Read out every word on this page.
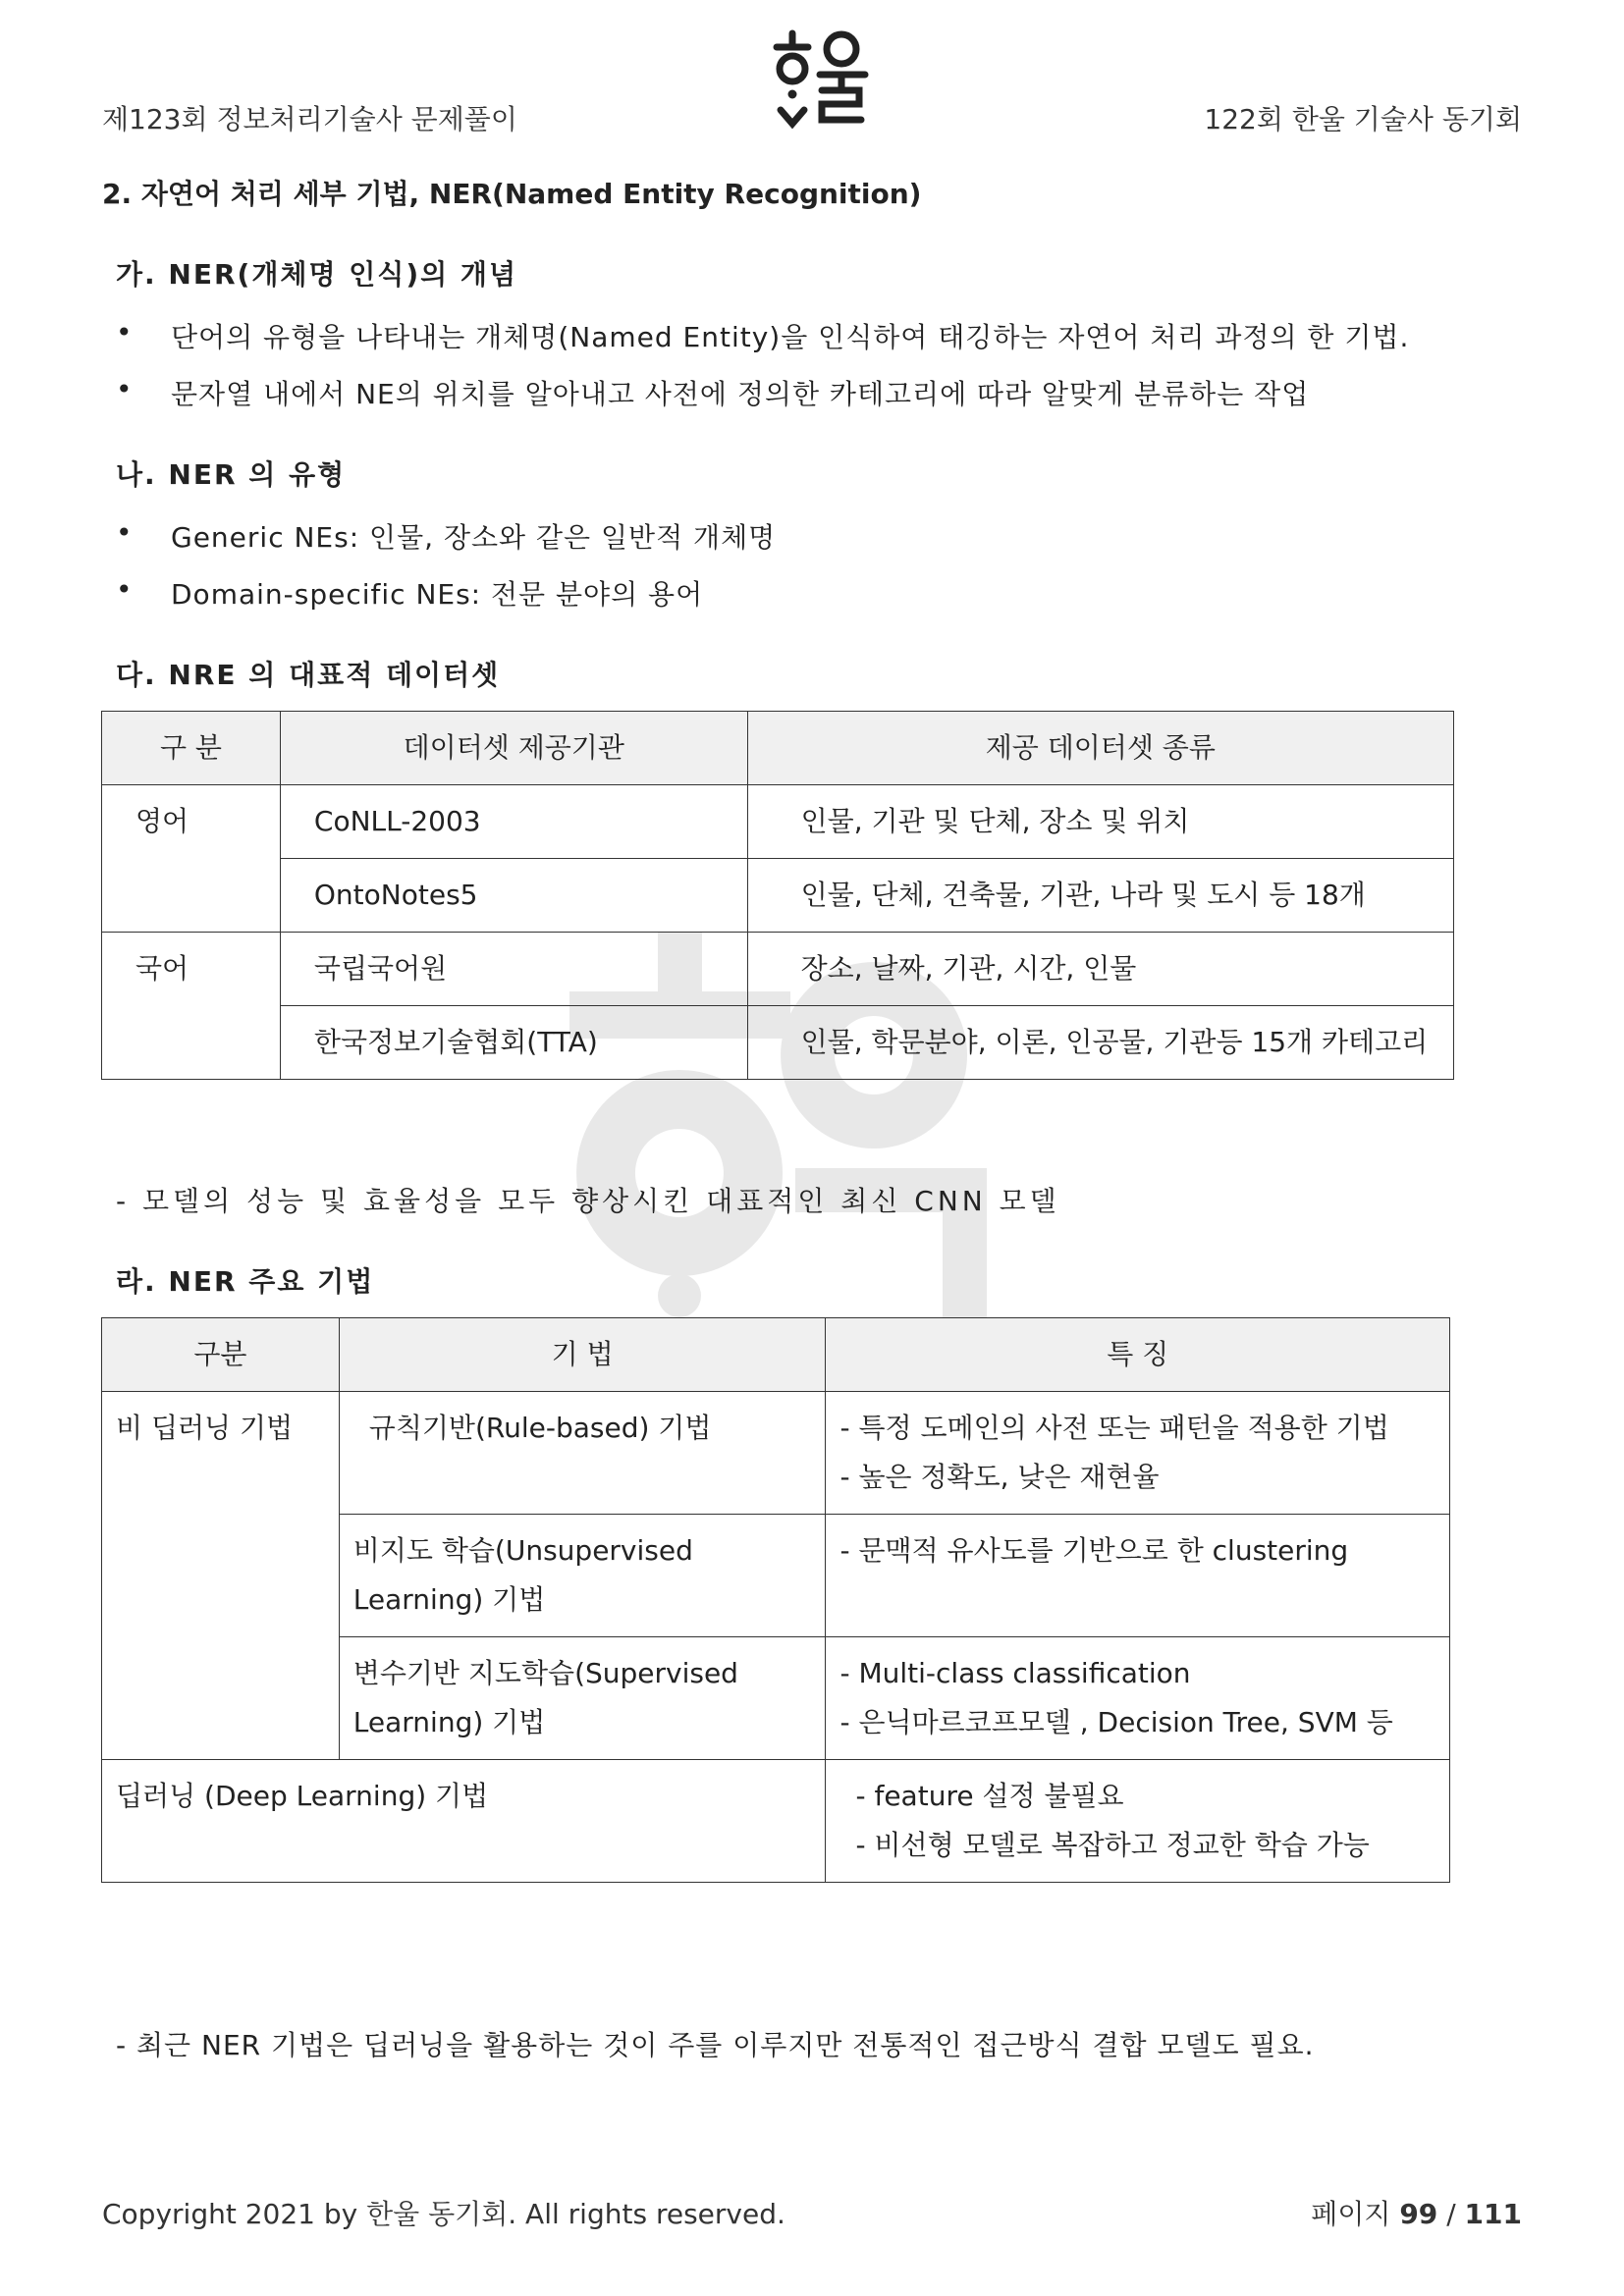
제123회 정보처리기술사 문제풀이	122회 한울 기술사 동기회
2. 자연어 처리 세부 기법, NER(Named Entity Recognition)
가. NER(개체명 인식)의 개념
• 단어의 유형을 나타내는 개체명(Named Entity)을 인식하여 태깅하는 자연어 처리 과정의 한 기법.
• 문자열 내에서 NE의 위치를 알아내고 사전에 정의한 카테고리에 따라 알맞게 분류하는 작업
나. NER 의 유형
• Generic NEs: 인물, 장소와 같은 일반적 개체명
• Domain-specific NEs: 전문 분야의 용어
다. NRE 의 대표적 데이터셋
구 분	데이터셋 제공기관	제공 데이터셋 종류
영어	CoNLL-2003	인물, 기관 및 단체, 장소 및 위치
	OntoNotes5	인물, 단체, 건축물, 기관, 나라 및 도시 등 18개
국어	국립국어원	장소, 날짜, 기관, 시간, 인물
	한국정보기술협회(TTA)	인물, 학문분야, 이론, 인공물, 기관등 15개 카테고리
- 모델의 성능 및 효율성을 모두 향상시킨 대표적인 최신 CNN 모델
라. NER 주요 기법
구분	기 법	특 징
비 딥러닝 기법	규칙기반(Rule-based) 기법	- 특정 도메인의 사전 또는 패턴을 적용한 기법
- 높은 정확도, 낮은 재현율

	비지도 학습(Unsupervised Learning) 기법	- 문맥적 유사도를 기반으로 한 clustering

	변수기반 지도학습(Supervised Learning) 기법	- Multi-class classification
- 은닉마르코프모델 , Decision Tree, SVM 등

딥러닝 (Deep Learning) 기법		- feature 설정 불필요
- 비선형 모델로 복잡하고 정교한 학습 가능
- 최근 NER 기법은 딥러닝을 활용하는 것이 주를 이루지만 전통적인 접근방식 결합 모델도 필요.
Copyright 2021 by 한울 동기회. All rights reserved.	페이지 99 / 111
